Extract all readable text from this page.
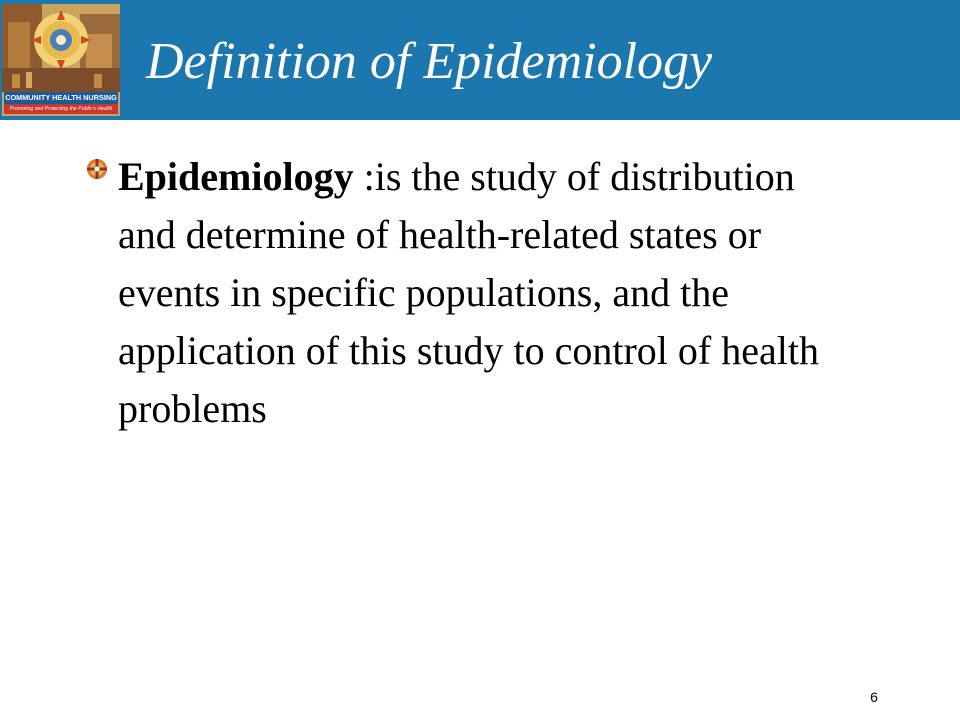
COMMUNITY HEALTH NURSING
Promoting and Protecting the Public's Health
Definition of Epidemiology

Epidemiology :is the study of distribution and determine of health-related states or events in specific populations, and the application of this study to control of health problems

6
